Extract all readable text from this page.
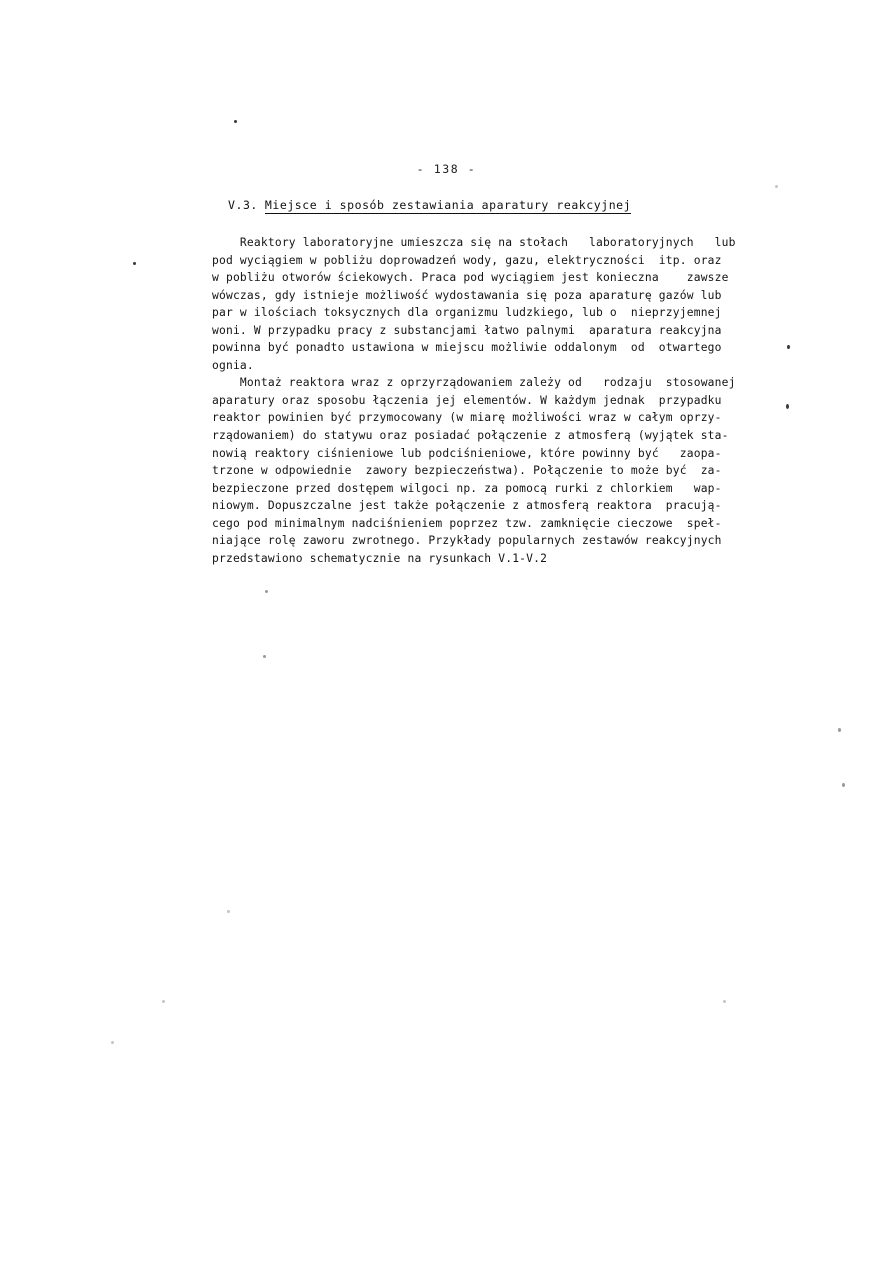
- 138 -
V.3. Miejsce i sposób zestawiania aparatury reakcyjnej
Reaktory laboratoryjne umieszcza się na stołach   laboratoryjnych   lub
pod wyciągiem w pobliżu doprowadzeń wody, gazu, elektryczności  itp. oraz
w pobliżu otworów ściekowych. Praca pod wyciągiem jest konieczna    zawsze
wówczas, gdy istnieje możliwość wydostawania się poza aparaturę gazów lub
par w ilościach toksycznych dla organizmu ludzkiego, lub o  nieprzyjemnej
woni. W przypadku pracy z substancjami łatwo palnymi  aparatura reakcyjna
powinna być ponadto ustawiona w miejscu możliwie oddalonym  od  otwartego
ognia.
Montaż reaktora wraz z oprzyrządowaniem zależy od   rodzaju  stosowanej
aparatury oraz sposobu łączenia jej elementów. W każdym jednak  przypadku
reaktor powinien być przymocowany (w miarę możliwości wraz w całym oprzy-
rządowaniem) do statywu oraz posiadać połączenie z atmosferą (wyjątek sta-
nowią reaktory ciśnieniowe lub podciśnieniowe, które powinny być   zaopa-
trzone w odpowiednie  zawory bezpieczeństwa). Połączenie to może być  za-
bezpieczone przed dostępem wilgoci np. za pomocą rurki z chlorkiem   wap-
niowym. Dopuszczalne jest także połączenie z atmosferą reaktora  pracują-
cego pod minimalnym nadciśnieniem poprzez tzw. zamknięcie cieczowe  speł-
niające rolę zaworu zwrotnego. Przykłady popularnych zestawów reakcyjnych
przedstawiono schematycznie na rysunkach V.1-V.2
